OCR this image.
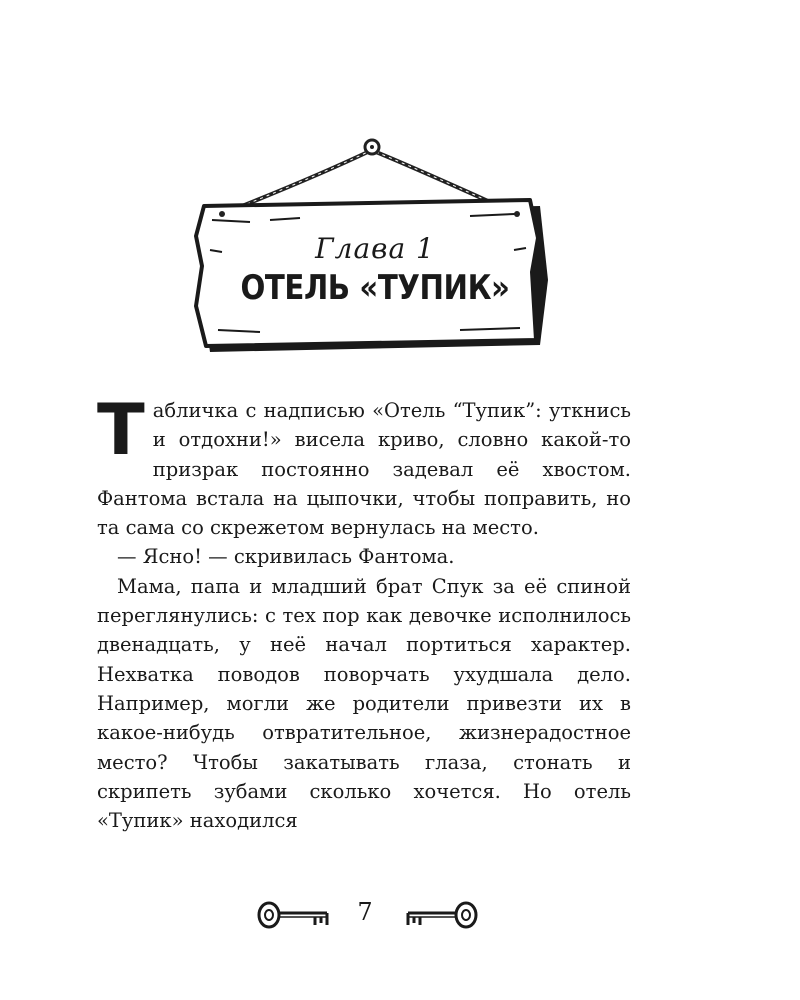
Глава 1
ОТЕЛЬ «ТУПИК»

Табличка с надписью «Отель “Тупик”: уткнись и отдохни!» висела криво, словно какой-то призрак постоянно задевал её хвостом. Фантома встала на цыпочки, чтобы поправить, но та сама со скрежетом вернулась на место.

— Ясно! — скривилась Фантома.

Мама, папа и младший брат Спук за её спиной переглянулись: с тех пор как девочке исполнилось двенадцать, у неё начал портиться характер. Нехватка поводов поворчать ухудшала дело. Например, могли же родители привезти их в какое-нибудь отвратительное, жизнерадостное место? Чтобы закатывать глаза, стонать и скрипеть зубами сколько хочется. Но отель «Тупик» находился

7
